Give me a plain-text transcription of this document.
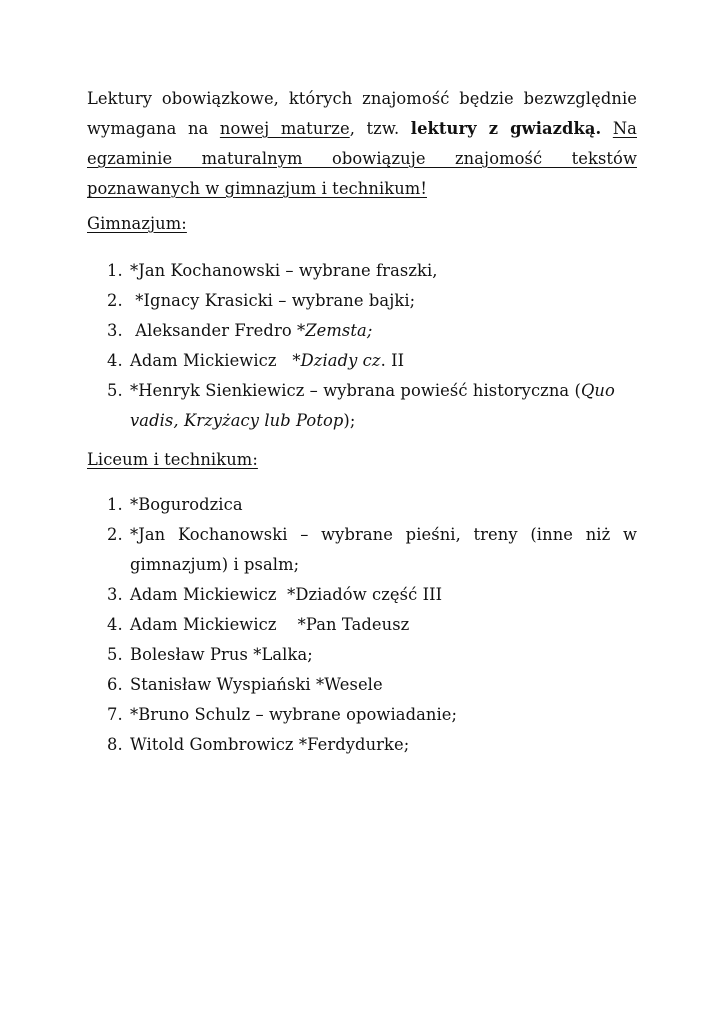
Lektury obowiązkowe, których znajomość będzie bezwzględnie
wymagana na nowej maturze, tzw. lektury z gwiazdką. Na
egzaminie maturalnym obowiązuje znajomość tekstów
poznawanych w gimnazjum i technikum!
Gimnazjum:
1. *Jan Kochanowski – wybrane fraszki,
2. *Ignacy Krasicki – wybrane bajki;
3. Aleksander Fredro *Zemsta;
4. Adam Mickiewicz   *Dziady cz. II
5. *Henryk Sienkiewicz – wybrana powieść historyczna (Quo
vadis, Krzyżacy lub Potop);
Liceum i technikum:
1. *Bogurodzica
2. *Jan Kochanowski – wybrane pieśni, treny (inne niż w
gimnazjum) i psalm;
3. Adam Mickiewicz  *Dziadów część III
4. Adam Mickiewicz    *Pan Tadeusz
5. Bolesław Prus *Lalka;
6. Stanisław Wyspiański *Wesele
7. *Bruno Schulz – wybrane opowiadanie;
8. Witold Gombrowicz *Ferdydurke;
